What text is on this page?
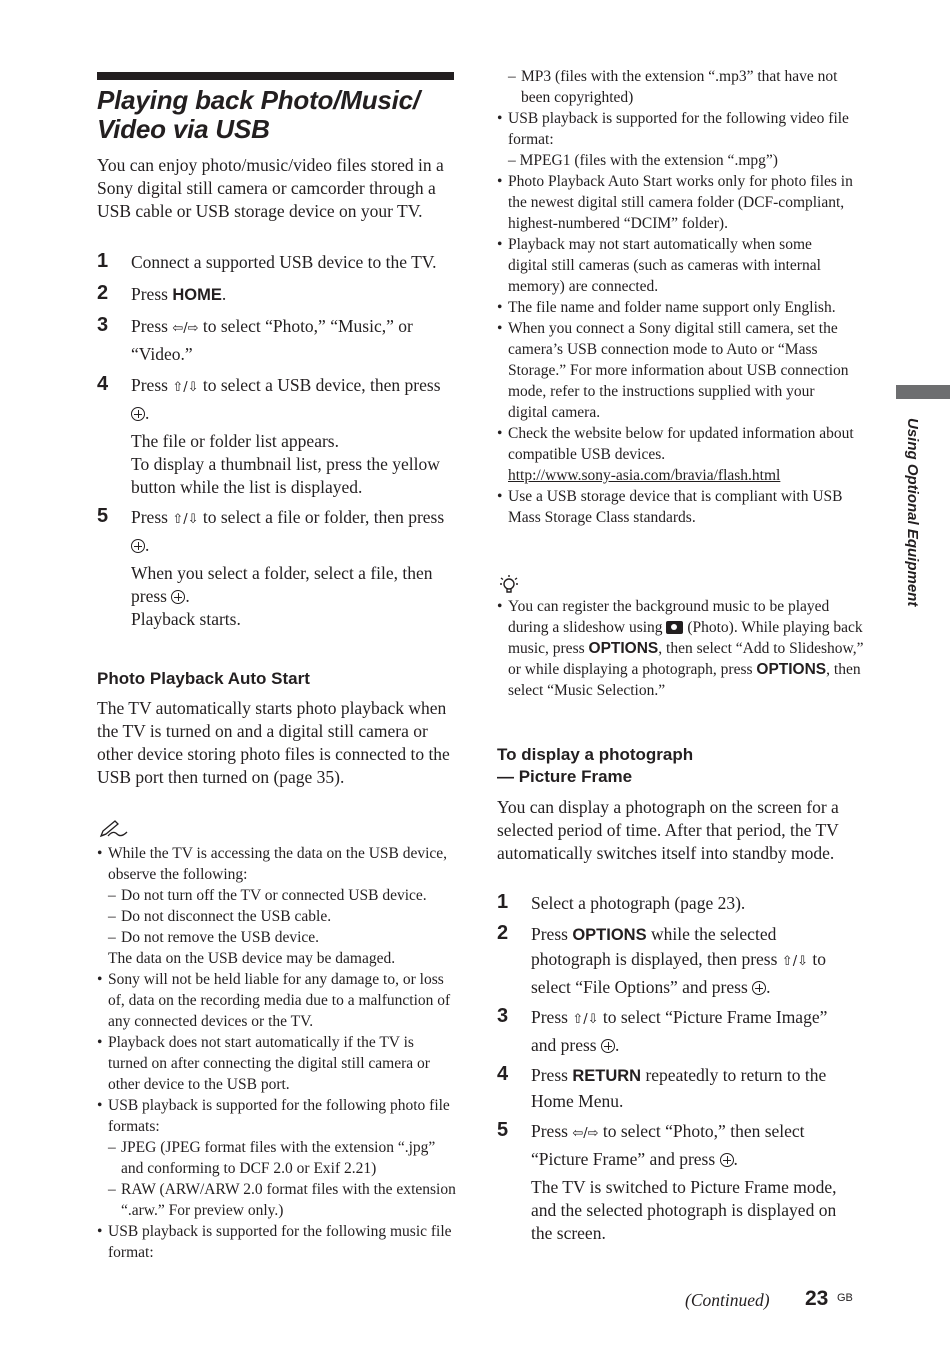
Playing back Photo/Music/
Video via USB

You can enjoy photo/music/video files stored in a Sony digital still camera or camcorder through a USB cable or USB storage device on your TV.

1 Connect a supported USB device to the TV.

2 Press HOME.

3 Press ⇦/⇨ to select “Photo,” “Music,” or “Video.”

4 Press ⇧/⇩ to select a USB device, then press .
The file or folder list appears.
To display a thumbnail list, press the yellow button while the list is displayed.

5 Press ⇧/⇩ to select a file or folder, then press .
When you select a folder, select a file, then press .
Playback starts.

Photo Playback Auto Start

The TV automatically starts photo playback when the TV is turned on and a digital still camera or other device storing photo files is connected to the USB port then turned on (page 35).

• While the TV is accessing the data on the USB device, observe the following:

– Do not turn off the TV or connected USB device.

– Do not disconnect the USB cable.

– Do not remove the USB device.

The data on the USB device may be damaged.

• Sony will not be held liable for any damage to, or loss of, data on the recording media due to a malfunction of any connected devices or the TV.

• Playback does not start automatically if the TV is turned on after connecting the digital still camera or other device to the USB port.

• USB playback is supported for the following photo file formats:

– JPEG (JPEG format files with the extension “.jpg” and conforming to DCF 2.0 or Exif 2.21)

– RAW (ARW/ARW 2.0 format files with the extension “.arw.” For preview only.)

• USB playback is supported for the following music file format:

– MP3 (files with the extension “.mp3” that have not been copyrighted)

• USB playback is supported for the following video file format:

– MPEG1 (files with the extension “.mpg”)

• Photo Playback Auto Start works only for photo files in the newest digital still camera folder (DCF-compliant, highest-numbered “DCIM” folder).

• Playback may not start automatically when some digital still cameras (such as cameras with internal memory) are connected.

• The file name and folder name support only English.

• When you connect a Sony digital still camera, set the camera’s USB connection mode to Auto or “Mass Storage.” For more information about USB connection mode, refer to the instructions supplied with your digital camera.

• Check the website below for updated information about compatible USB devices.
http://www.sony-asia.com/bravia/flash.html

• Use a USB storage device that is compliant with USB Mass Storage Class standards.

• You can register the background music to be played during a slideshow using  (Photo). While playing back music, press OPTIONS, then select “Add to Slideshow,” or while displaying a photograph, press OPTIONS, then select “Music Selection.”

To display a photograph
— Picture Frame

You can display a photograph on the screen for a selected period of time. After that period, the TV automatically switches itself into standby mode.

1 Select a photograph (page 23).

2 Press OPTIONS while the selected photograph is displayed, then press ⇧/⇩ to select “File Options” and press .

3 Press ⇧/⇩ to select “Picture Frame Image” and press .

4 Press RETURN repeatedly to return to the Home Menu.

5 Press ⇦/⇨ to select “Photo,” then select “Picture Frame” and press .
The TV is switched to Picture Frame mode, and the selected photograph is displayed on the screen.

Using Optional Equipment
(Continued) 23 GB
